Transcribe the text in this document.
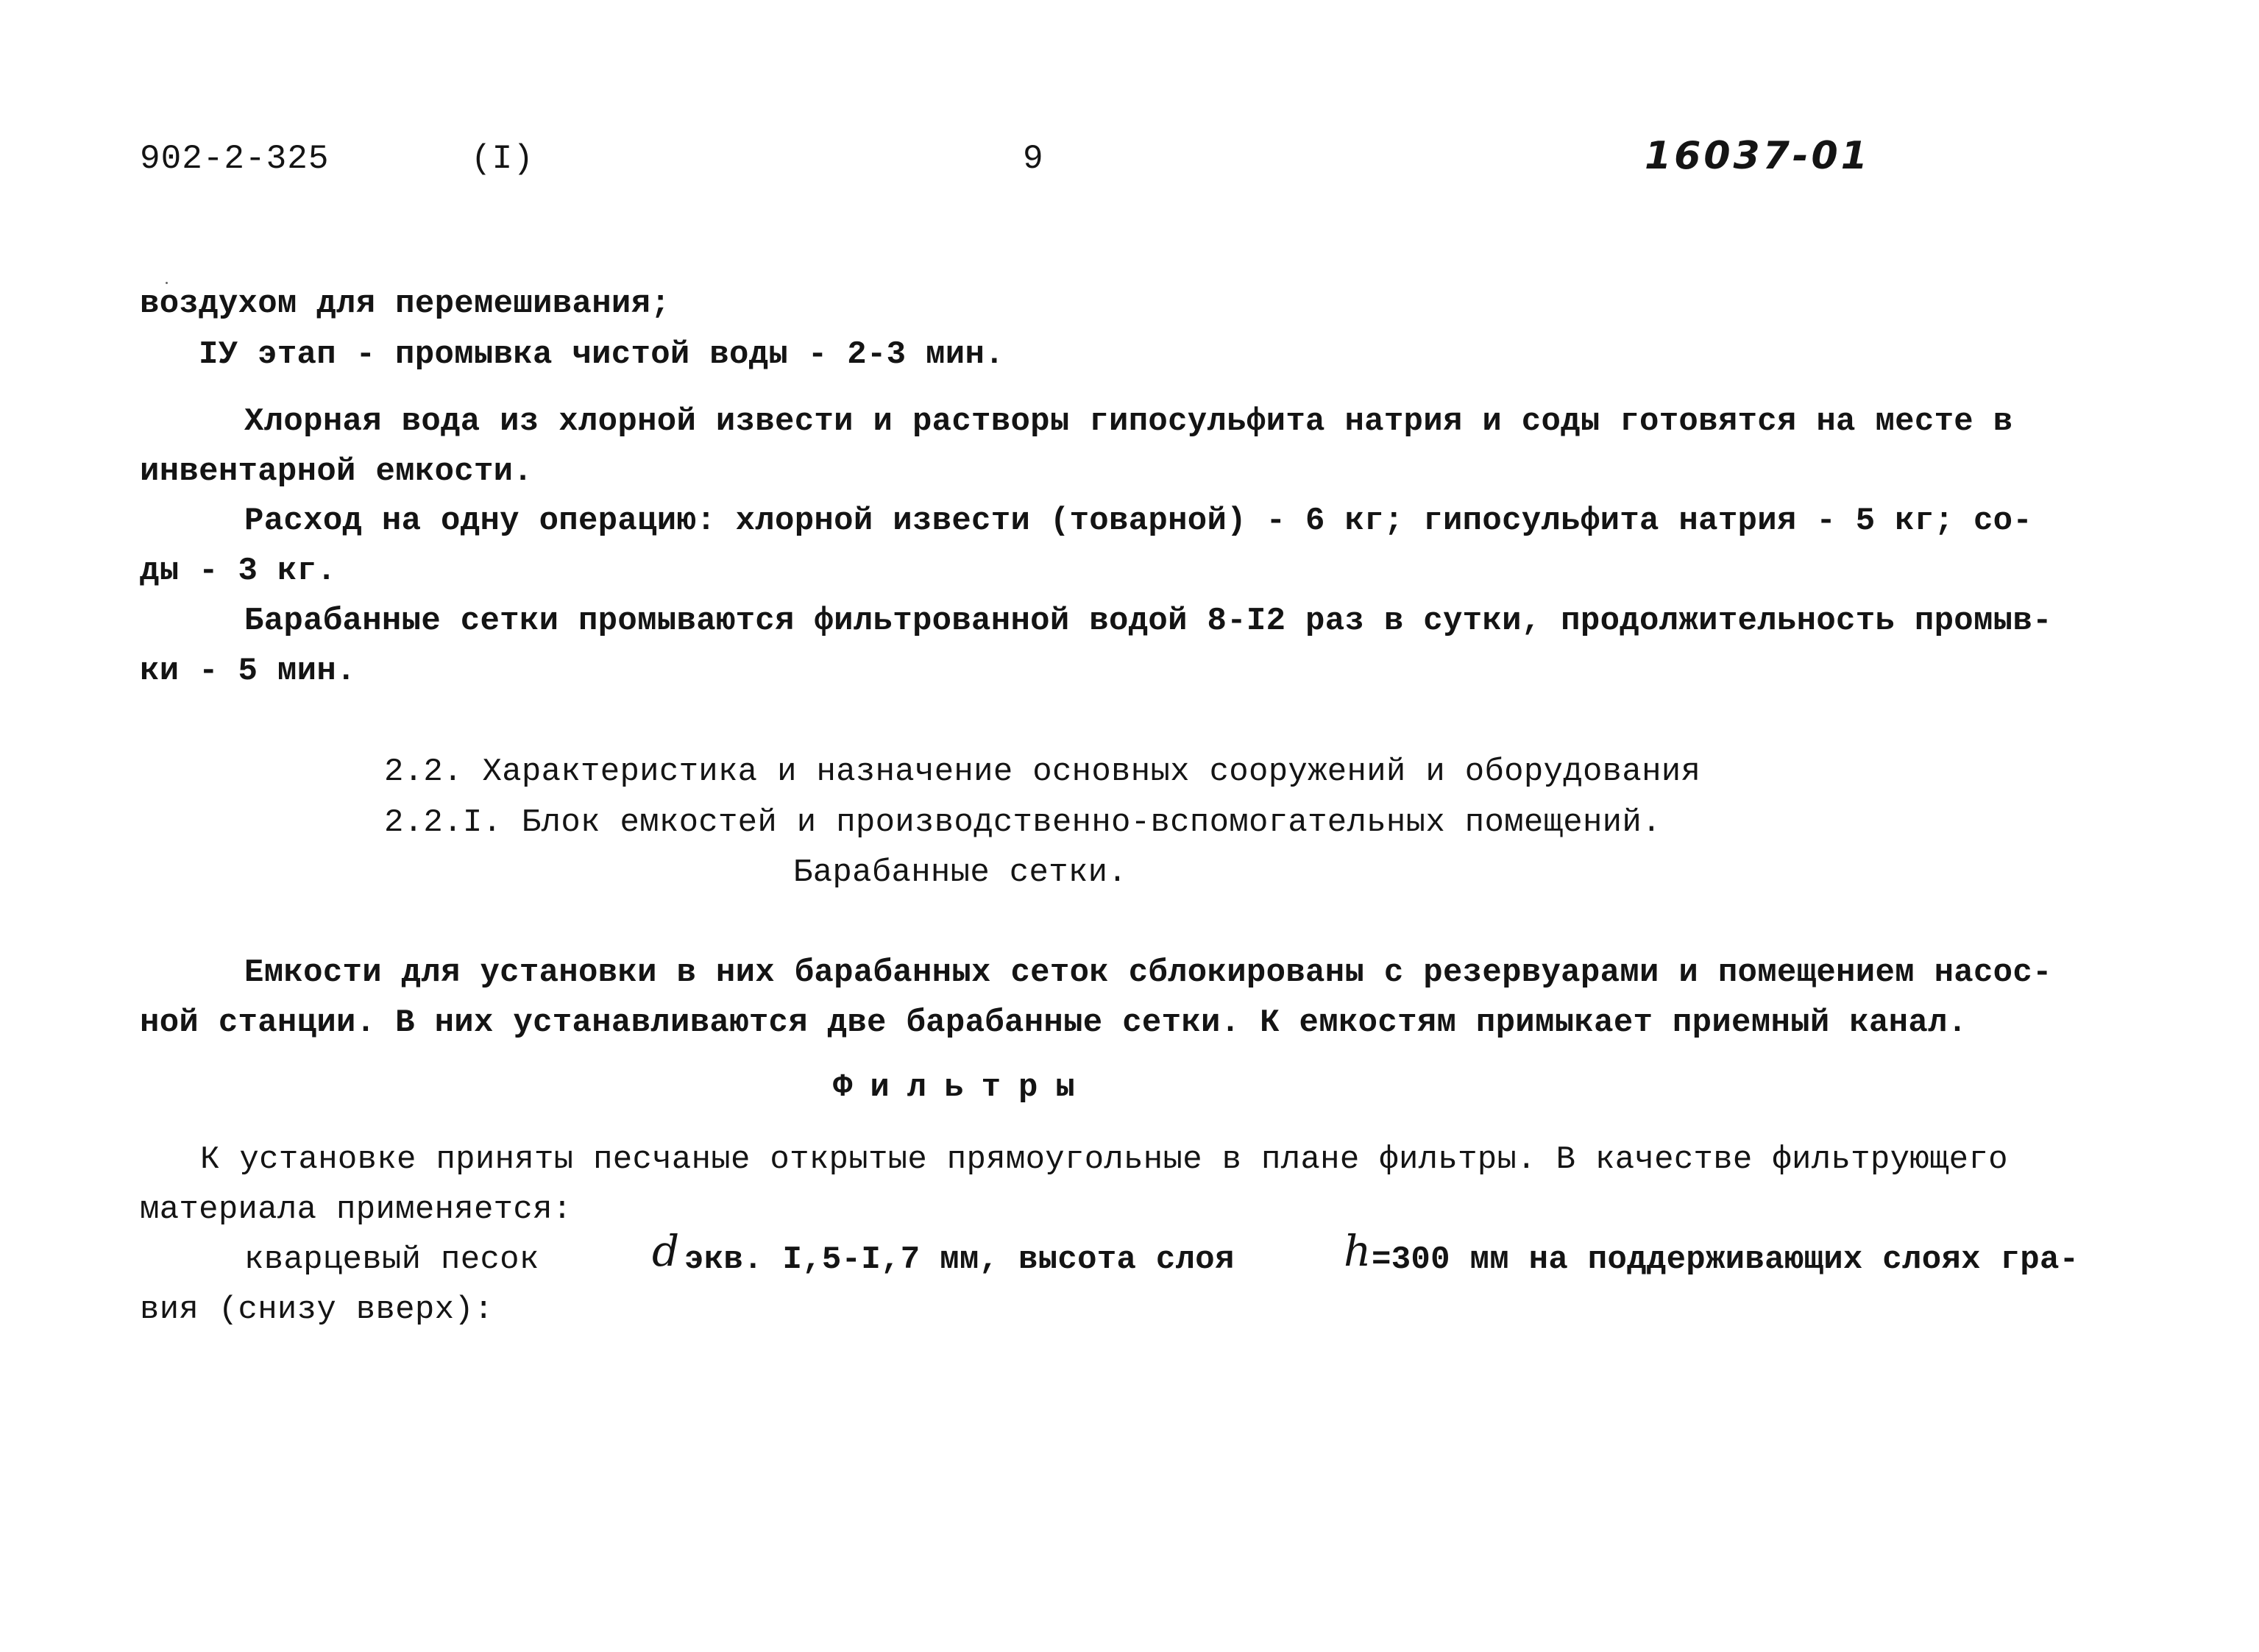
902-2-325	(I)	9	16037-01
воздухом для перемешивания;
IУ этап - промывка чистой воды - 2-3 мин.
Хлорная вода из хлорной извести и растворы гипосульфита натрия и соды готовятся на месте в
инвентарной емкости.
Расход на одну операцию: хлорной извести (товарной) - 6 кг; гипосульфита натрия - 5 кг; со-
ды - 3 кг.
Барабанные сетки промываются фильтрованной водой 8-I2 раз в сутки, продолжительность промыв-
ки - 5 мин.
2.2. Характеристика и назначение основных сооружений и оборудования
2.2.I. Блок емкостей и производственно-вспомогательных помещений.
Барабанные сетки.
Емкости для установки в них барабанных сеток сблокированы с резервуарами и помещением насос-
ной станции. В них устанавливаются две барабанные сетки. К емкостям примыкает приемный канал.
Фильтры
К установке приняты песчаные открытые прямоугольные в плане фильтры. В качестве фильтрующего
материала применяется:
кварцевый песок	d экв. I,5-I,7 мм, высота слоя	h =300 мм на поддерживающих слоях гра-
вия (снизу вверх):
